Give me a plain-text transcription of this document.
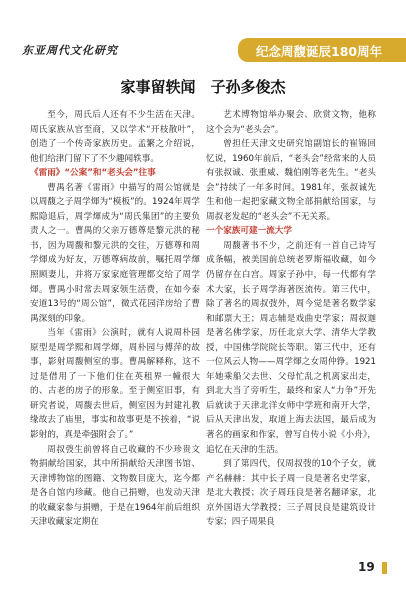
东亚周代文化研究	纪念周馥诞辰180周年
家事留轶闻　子孙多俊杰

至今，周氏后人还有不少生活在天津。周氏家族从官至商，又以学术“开枝散叶”，创造了一个传奇家族历史。孟繁之介绍说，他们给津门留下了不少趣闻轶事。

《雷雨》“公案”和“老头会”往事

曹禺名著《雷雨》中描写的周公馆就是以周馥之子周学煇为“模板”的。1924年周学熙隐退后，周学煇成为“周氏集团”的主要负责人之一。曹禺的父亲万德尊是黎元洪的秘书，因为周馥和黎元洪的交往，万德尊和周学煇成为好友，万德尊病故前，嘱托周学煇照顾妻儿，并将万家家庭管理都交给了周学煇。曹禺小时常去周家领生活费，在如今泰安道13号的“周公馆”，微式花园洋房给了曹禺深刻的印象。

当年《雷雨》公演时，就有人说周朴园原型是周学熙和周学煇，周朴园与傅萍的故事，影射周馥侧室的事。曹禺解释称，这不过是借用了一下他们住在英租界一幢很大的、古老的房子的形象。至于侧室旧事，有研究者说，周馥去世后，侧室因为封建礼教缘故去了庙里，事实和故事更是不挨着，“说影射的，真是牵强附会了。”

周叔弢生前曾将自己收藏的不少珍贵文物捐献给国家，其中所捐献给天津图书馆、天津博物馆的图籍、文物数目庞大，迄今都是各自馆内珍藏。他自己捐赠，也发动天津的收藏家参与捐赠，于是在1964年前后组织天津收藏家定期在

艺术博物馆举办聚会、欣赏文物，他称这个会为“老头会”。

曾担任天津文史研究馆副馆长的崔锦回忆说，1960年前后，“老头会”经常来的人员有张叔诚、张重威、魏伯刚等老先生。“老头会”持续了一年多时间。1981年，张叔诚先生和他一起把家藏文物全部捐献给国家，与周叔老发起的“老头会”不无关系。

一个家族可建一流大学

周馥著书不少，之前还有一首自己诗写成条幅，被美国前总统老罗斯福收藏，如今仍留存在白宫。周家子孙中，每一代都有学术大家，长子周学海著医流传。第三代中，除了著名的周叔弢外，周今觉是著名数学家和邮票大王；周志辅是戏曲史学家；周叔迦是著名佛学家，历任北京大学、清华大学教授，中国佛学院院长等职。第三代中，还有一位风云人物——周学煇之女周仲铮。1921年她乘船父去世、父母忙乱之机离家出走，到北大当了旁听生，最终和家人“力争”开先后就读于天津北洋女师中学班和南开大学，后从天津出发，取道上海去法国，最后成为著名的画家和作家，曾写自传小说《小舟》，追忆在天津的生活。

到了第四代，仅周叔弢的10个子女，就产名赫赫：其中长子周一良是著名史学家，是北大教授；次子周珏良是著名翻译家，北京外国语大学教授；三子周艮良是建筑设计专家；四子周果良

19
